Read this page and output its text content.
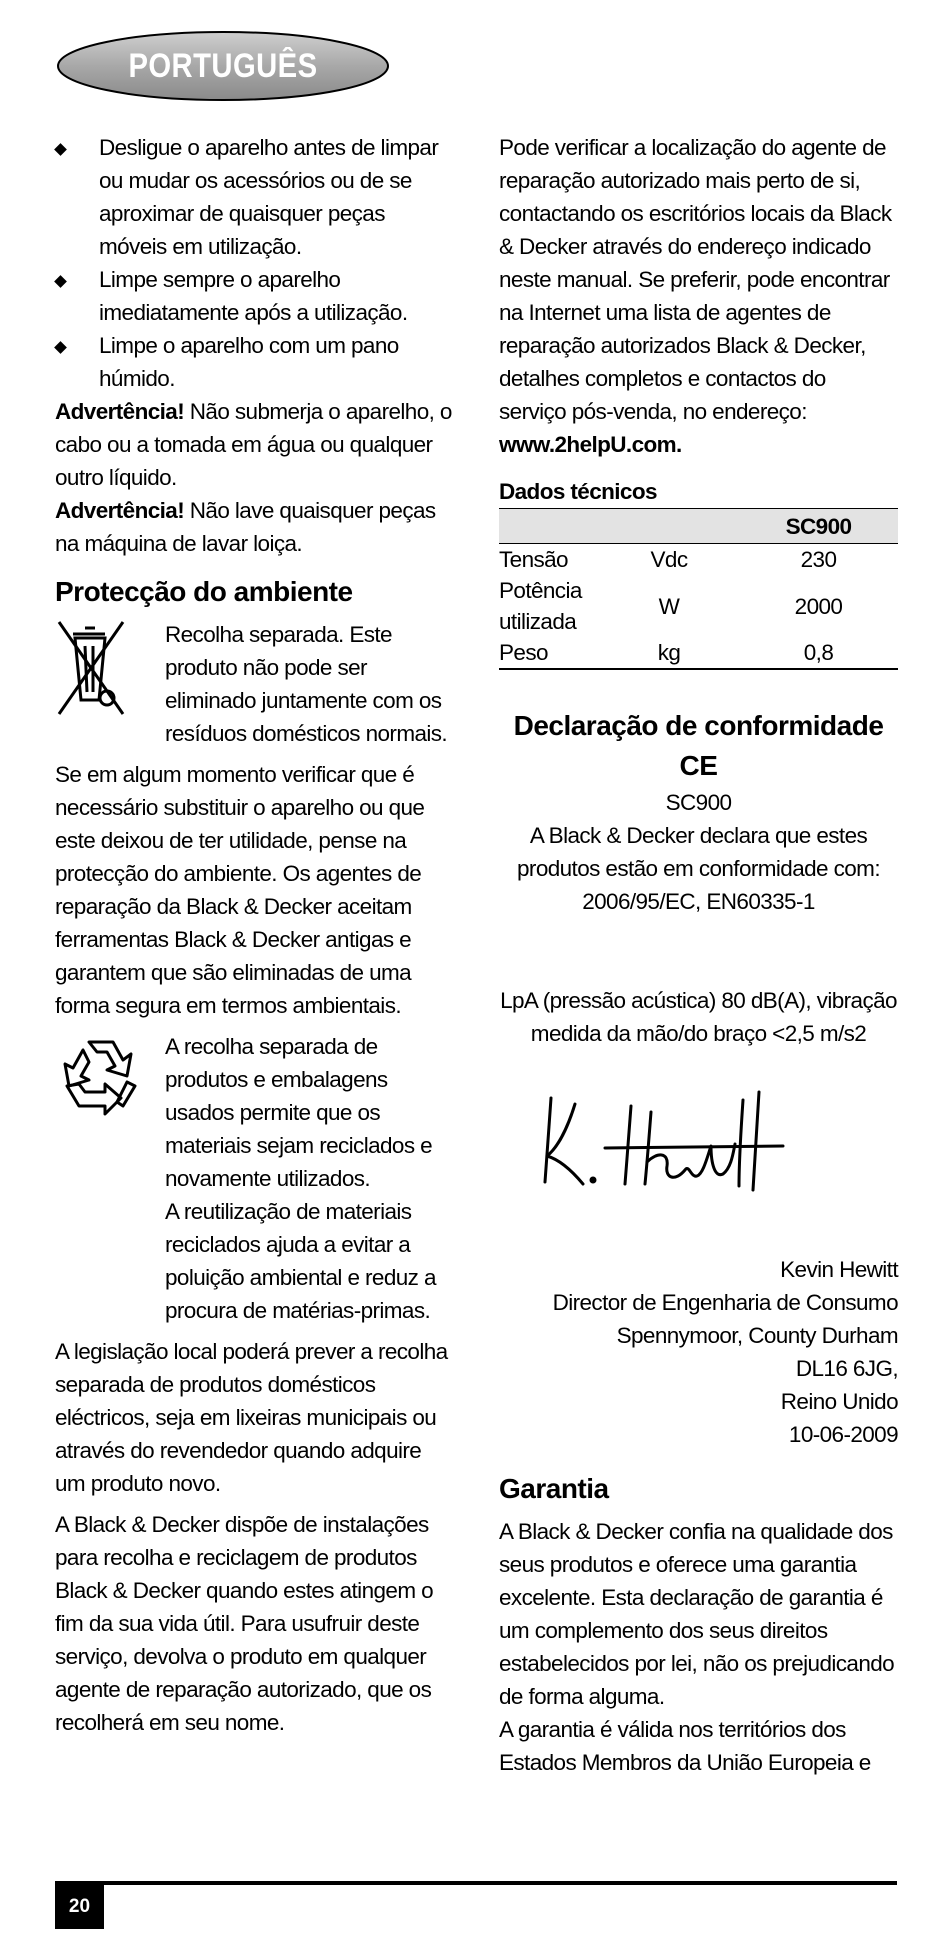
PORTUGUÊS
Desligue o aparelho antes de limpar ou mudar os acessórios ou de se aproximar de quaisquer peças móveis em utilização.
Limpe sempre o aparelho imediatamente após a utilização.
Limpe o aparelho com um pano húmido.

Advertência! Não submerja o aparelho, o cabo ou a tomada em água ou qualquer outro líquido.

Advertência! Não lave quaisquer peças na máquina de lavar loiça.

Protecção do ambiente

Recolha separada. Este produto não pode ser eliminado juntamente com os resíduos domésticos normais.

Se em algum momento verificar que é necessário substituir o aparelho ou que este deixou de ter utilidade, pense na protecção do ambiente. Os agentes de reparação da Black & Decker aceitam ferramentas Black & Decker antigas e garantem que são eliminadas de uma forma segura em termos ambientais.

A recolha separada de produtos e embalagens usados permite que os materiais sejam reciclados e novamente utilizados.

A reutilização de materiais reciclados ajuda a evitar a poluição ambiental e reduz a procura de matérias-primas.

A legislação local poderá prever a recolha separada de produtos domésticos eléctricos, seja em lixeiras municipais ou através do revendedor quando adquire um produto novo.

A Black & Decker dispõe de instalações para recolha e reciclagem de produtos Black & Decker quando estes atingem o fim da sua vida útil. Para usufruir deste serviço, devolva o produto em qualquer agente de reparação autorizado, que os recolherá em seu nome.

Pode verificar a localização do agente de reparação autorizado mais perto de si, contactando os escritórios locais da Black & Decker através do endereço indicado neste manual. Se preferir, pode encontrar na Internet uma lista de agentes de reparação autorizados Black & Decker, detalhes completos e contactos do serviço pós-venda, no endereço: www.2helpU.com.

Dados técnicos
		SC900
Tensão	Vdc	230
Potência utilizada	W	2000
Peso	kg	0,8
Declaração de conformidade CE

SC900

A Black & Decker declara que estes produtos estão em conformidade com:

2006/95/EC, EN60335-1

LpA (pressão acústica) 80 dB(A), vibração medida da mão/do braço <2,5 m/s2

Kevin Hewitt

Director de Engenharia de Consumo

Spennymoor, County Durham

DL16 6JG,

Reino Unido

10-06-2009

Garantia

A Black & Decker confia na qualidade dos seus produtos e oferece uma garantia excelente. Esta declaração de garantia é um complemento dos seus direitos estabelecidos por lei, não os prejudicando de forma alguma.

A garantia é válida nos territórios dos Estados Membros da União Europeia e

20
